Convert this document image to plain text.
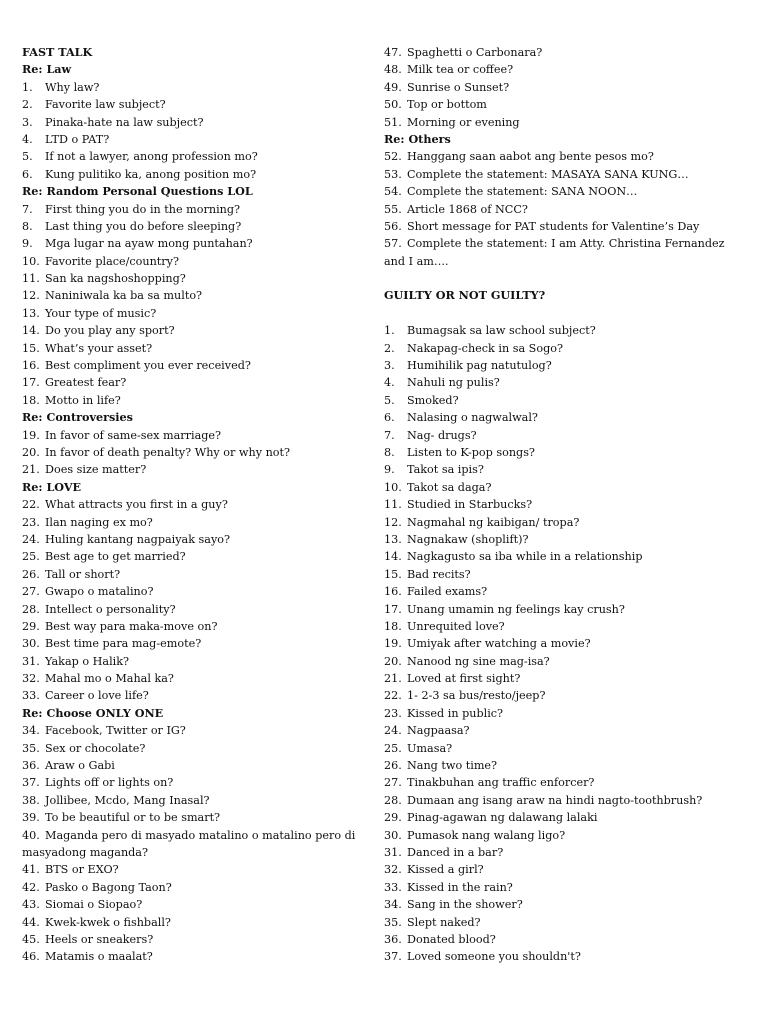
FAST TALK
Re: Law
1.	Why law?
2.	Favorite law subject?
3.	Pinaka-hate na law subject?
4.	LTD o PAT?
5.	If not a lawyer, anong profession mo?
6.	Kung pulitiko ka, anong position mo?
Re: Random Personal Questions LOL
7.	First thing you do in the morning?
8.	Last thing you do before sleeping?
9.	Mga lugar na ayaw mong puntahan?
10. Favorite place/country?
11. San ka nagshoshopping?
12. Naniniwala ka ba sa multo?
13. Your type of music?
14. Do you play any sport?
15. What’s your asset?
16. Best compliment you ever received?
17. Greatest fear?
18. Motto in life?
Re: Controversies
19. In favor of same-sex marriage?
20. In favor of death penalty? Why or why not?
21. Does size matter?
Re: LOVE
22. What attracts you first in a guy?
23. Ilan naging ex mo?
24. Huling kantang nagpaiyak sayo?
25. Best age to get married?
26. Tall or short?
27. Gwapo o matalino?
28. Intellect o personality?
29. Best way para maka-move on?
30. Best time para mag-emote?
31. Yakap o Halik?
32. Mahal mo o Mahal ka?
33. Career o love life?
Re: Choose ONLY ONE
34. Facebook, Twitter or IG?
35. Sex or chocolate?
36. Araw o Gabi
37. Lights off or lights on?
38. Jollibee, Mcdo, Mang Inasal?
39. To be beautiful or to be smart?
40. Maganda pero di masyado matalino o matalino pero di
masyadong maganda?
41. BTS or EXO?
42. Pasko o Bagong Taon?
43. Siomai o Siopao?
44. Kwek-kwek o fishball?
45. Heels or sneakers?
46. Matamis o maalat?
47. Spaghetti o Carbonara?
48. Milk tea or coffee?
49. Sunrise o Sunset?
50. Top or bottom
51. Morning or evening
Re: Others
52. Hanggang saan aabot ang bente pesos mo?
53. Complete the statement: MASAYA SANA KUNG…
54. Complete the statement: SANA NOON…
55. Article 1868 of NCC?
56. Short message for PAT students for Valentine’s Day
57. Complete the statement: I am Atty. Christina Fernandez
and I am….
GUILTY OR NOT GUILTY?
1.	Bumagsak sa law school subject?
2.	Nakapag-check in sa Sogo?
3.	Humihilik pag natutulog?
4.	Nahuli ng pulis?
5.	Smoked?
6.	Nalasing o nagwalwal?
7.	Nag- drugs?
8.	Listen to K-pop songs?
9.	Takot sa ipis?
10. Takot sa daga?
11. Studied in Starbucks?
12. Nagmahal ng kaibigan/ tropa?
13. Nagnakaw (shoplift)?
14. Nagkagusto sa iba while in a relationship
15. Bad recits?
16. Failed exams?
17. Unang umamin ng feelings kay crush?
18. Unrequited love?
19. Umiyak after watching a movie?
20. Nanood ng sine mag-isa?
21. Loved at first sight?
22. 1- 2-3 sa bus/resto/jeep?
23. Kissed in public?
24. Nagpaasa?
25. Umasa?
26. Nang two time?
27. Tinakbuhan ang traffic enforcer?
28. Dumaan ang isang araw na hindi nagto-toothbrush?
29. Pinag-agawan ng dalawang lalaki
30. Pumasok nang walang ligo?
31. Danced in a bar?
32. Kissed a girl?
33. Kissed in the rain?
34. Sang in the shower?
35. Slept naked?
36. Donated blood?
37. Loved someone you shouldn't?
